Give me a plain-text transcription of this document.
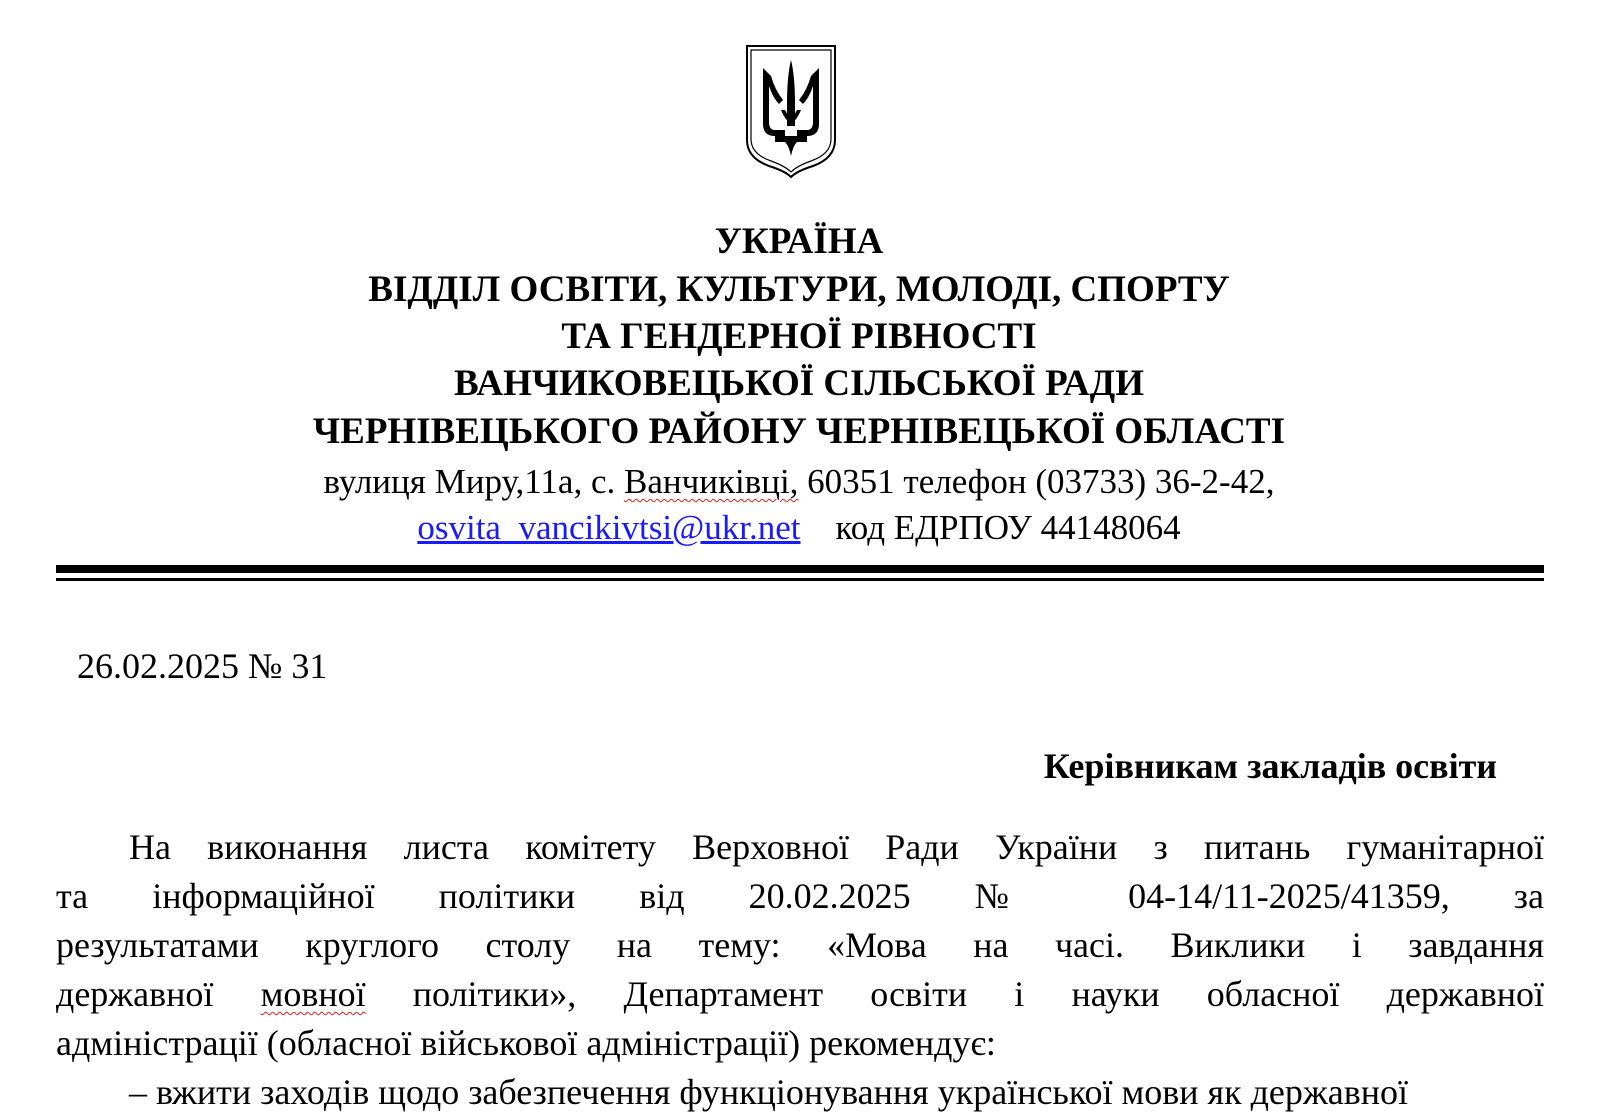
УКРАЇНА
ВІДДІЛ ОСВІТИ, КУЛЬТУРИ, МОЛОДІ, СПОРТУ
ТА ГЕНДЕРНОЇ РІВНОСТІ
ВАНЧИКОВЕЦЬКОЇ СІЛЬСЬКОЇ РАДИ
ЧЕРНІВЕЦЬКОГО РАЙОНУ ЧЕРНІВЕЦЬКОЇ ОБЛАСТІ
вулиця Миру,11а, с. Ванчиківці, 60351 телефон (03733) 36-2-42,
osvita_vancikivtsi@ukr.net код ЕДРПОУ 44148064
26.02.2025 № 31
Керівникам закладів освіти
На виконання листа комітету Верховної Ради України з питань гуманітарної
та інформаційної політики від 20.02.2025 № 04-14/11-2025/41359, за
результатами круглого столу на тему: «Мова на часі. Виклики і завдання
державної мовної політики», Департамент освіти і науки обласної державної
адміністрації (обласної військової адміністрації) рекомендує:
– вжити заходів щодо забезпечення функціонування української мови як державної
